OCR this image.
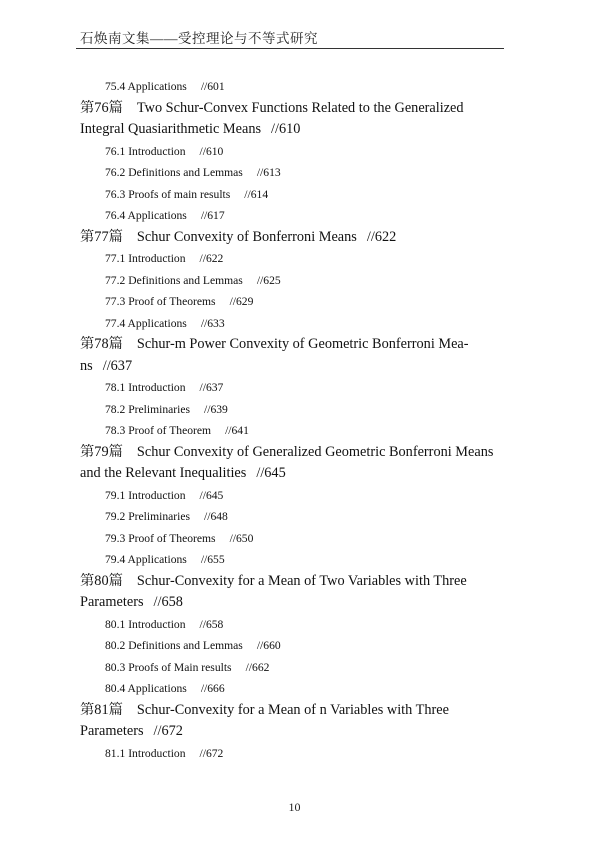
石焕南文集——受控理论与不等式研究
75.4 Applications //601
第76篇 Two Schur-Convex Functions Related to the Generalized Integral Quasiarithmetic Means //610
76.1 Introduction //610
76.2 Definitions and Lemmas //613
76.3 Proofs of main results //614
76.4 Applications //617
第77篇 Schur Convexity of Bonferroni Means //622
77.1 Introduction //622
77.2 Definitions and Lemmas //625
77.3 Proof of Theorems //629
77.4 Applications //633
第78篇 Schur-m Power Convexity of Geometric Bonferroni Mea-ns //637
78.1 Introduction //637
78.2 Preliminaries //639
78.3 Proof of Theorem //641
第79篇 Schur Convexity of Generalized Geometric Bonferroni Means and the Relevant Inequalities //645
79.1 Introduction //645
79.2 Preliminaries //648
79.3 Proof of Theorems //650
79.4 Applications //655
第80篇 Schur-Convexity for a Mean of Two Variables with Three Parameters //658
80.1 Introduction //658
80.2 Definitions and Lemmas //660
80.3 Proofs of Main results //662
80.4 Applications //666
第81篇 Schur-Convexity for a Mean of n Variables with Three Parameters //672
81.1 Introduction //672
10
